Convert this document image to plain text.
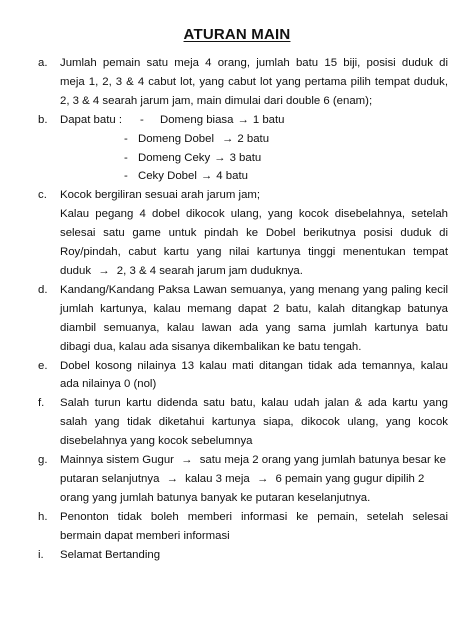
ATURAN MAIN
a.	Jumlah pemain satu meja 4 orang, jumlah batu 15 biji, posisi duduk di
meja 1, 2, 3 & 4 cabut lot, yang cabut lot yang pertama pilih tempat duduk,
2, 3 & 4 searah jarum jam, main dimulai dari double 6 (enam);
b.	Dapat batu :	-	Domeng biasa → 1 batu
- Domeng Dobel → 2 batu
- Domeng Ceky → 3 batu
- Ceky Dobel → 4 batu
c.	Kocok bergiliran sesuai arah jarum jam;
Kalau pegang 4 dobel dikocok ulang, yang kocok disebelahnya, setelah
selesai satu game untuk pindah ke Dobel berikutnya posisi duduk di
Roy/pindah, cabut kartu yang nilai kartunya tinggi menentukan tempat
duduk → 2, 3 & 4 searah jarum jam duduknya.
d.	Kandang/Kandang Paksa Lawan semuanya, yang menang yang paling kecil
jumlah kartunya, kalau memang dapat 2 batu, kalah ditangkap batunya
diambil semuanya, kalau lawan ada yang sama jumlah kartunya batu
dibagi dua, kalau ada sisanya dikembalikan ke batu tengah.
e.	Dobel kosong nilainya 13 kalau mati ditangan tidak ada temannya, kalau
ada nilainya 0 (nol)
f.	Salah turun kartu didenda satu batu, kalau udah jalan & ada kartu yang
salah yang tidak diketahui kartunya siapa, dikocok ulang, yang kocok
disebelahnya yang kocok sebelumnya
g.	Mainnya sistem Gugur → satu meja 2 orang yang jumlah batunya besar ke
putaran selanjutnya → kalau 3 meja → 6 pemain yang gugur dipilih 2
orang yang jumlah batunya banyak ke putaran keselanjutnya.
h.	Penonton tidak boleh memberi informasi ke pemain, setelah selesai
bermain dapat memberi informasi
i.	Selamat Bertanding
